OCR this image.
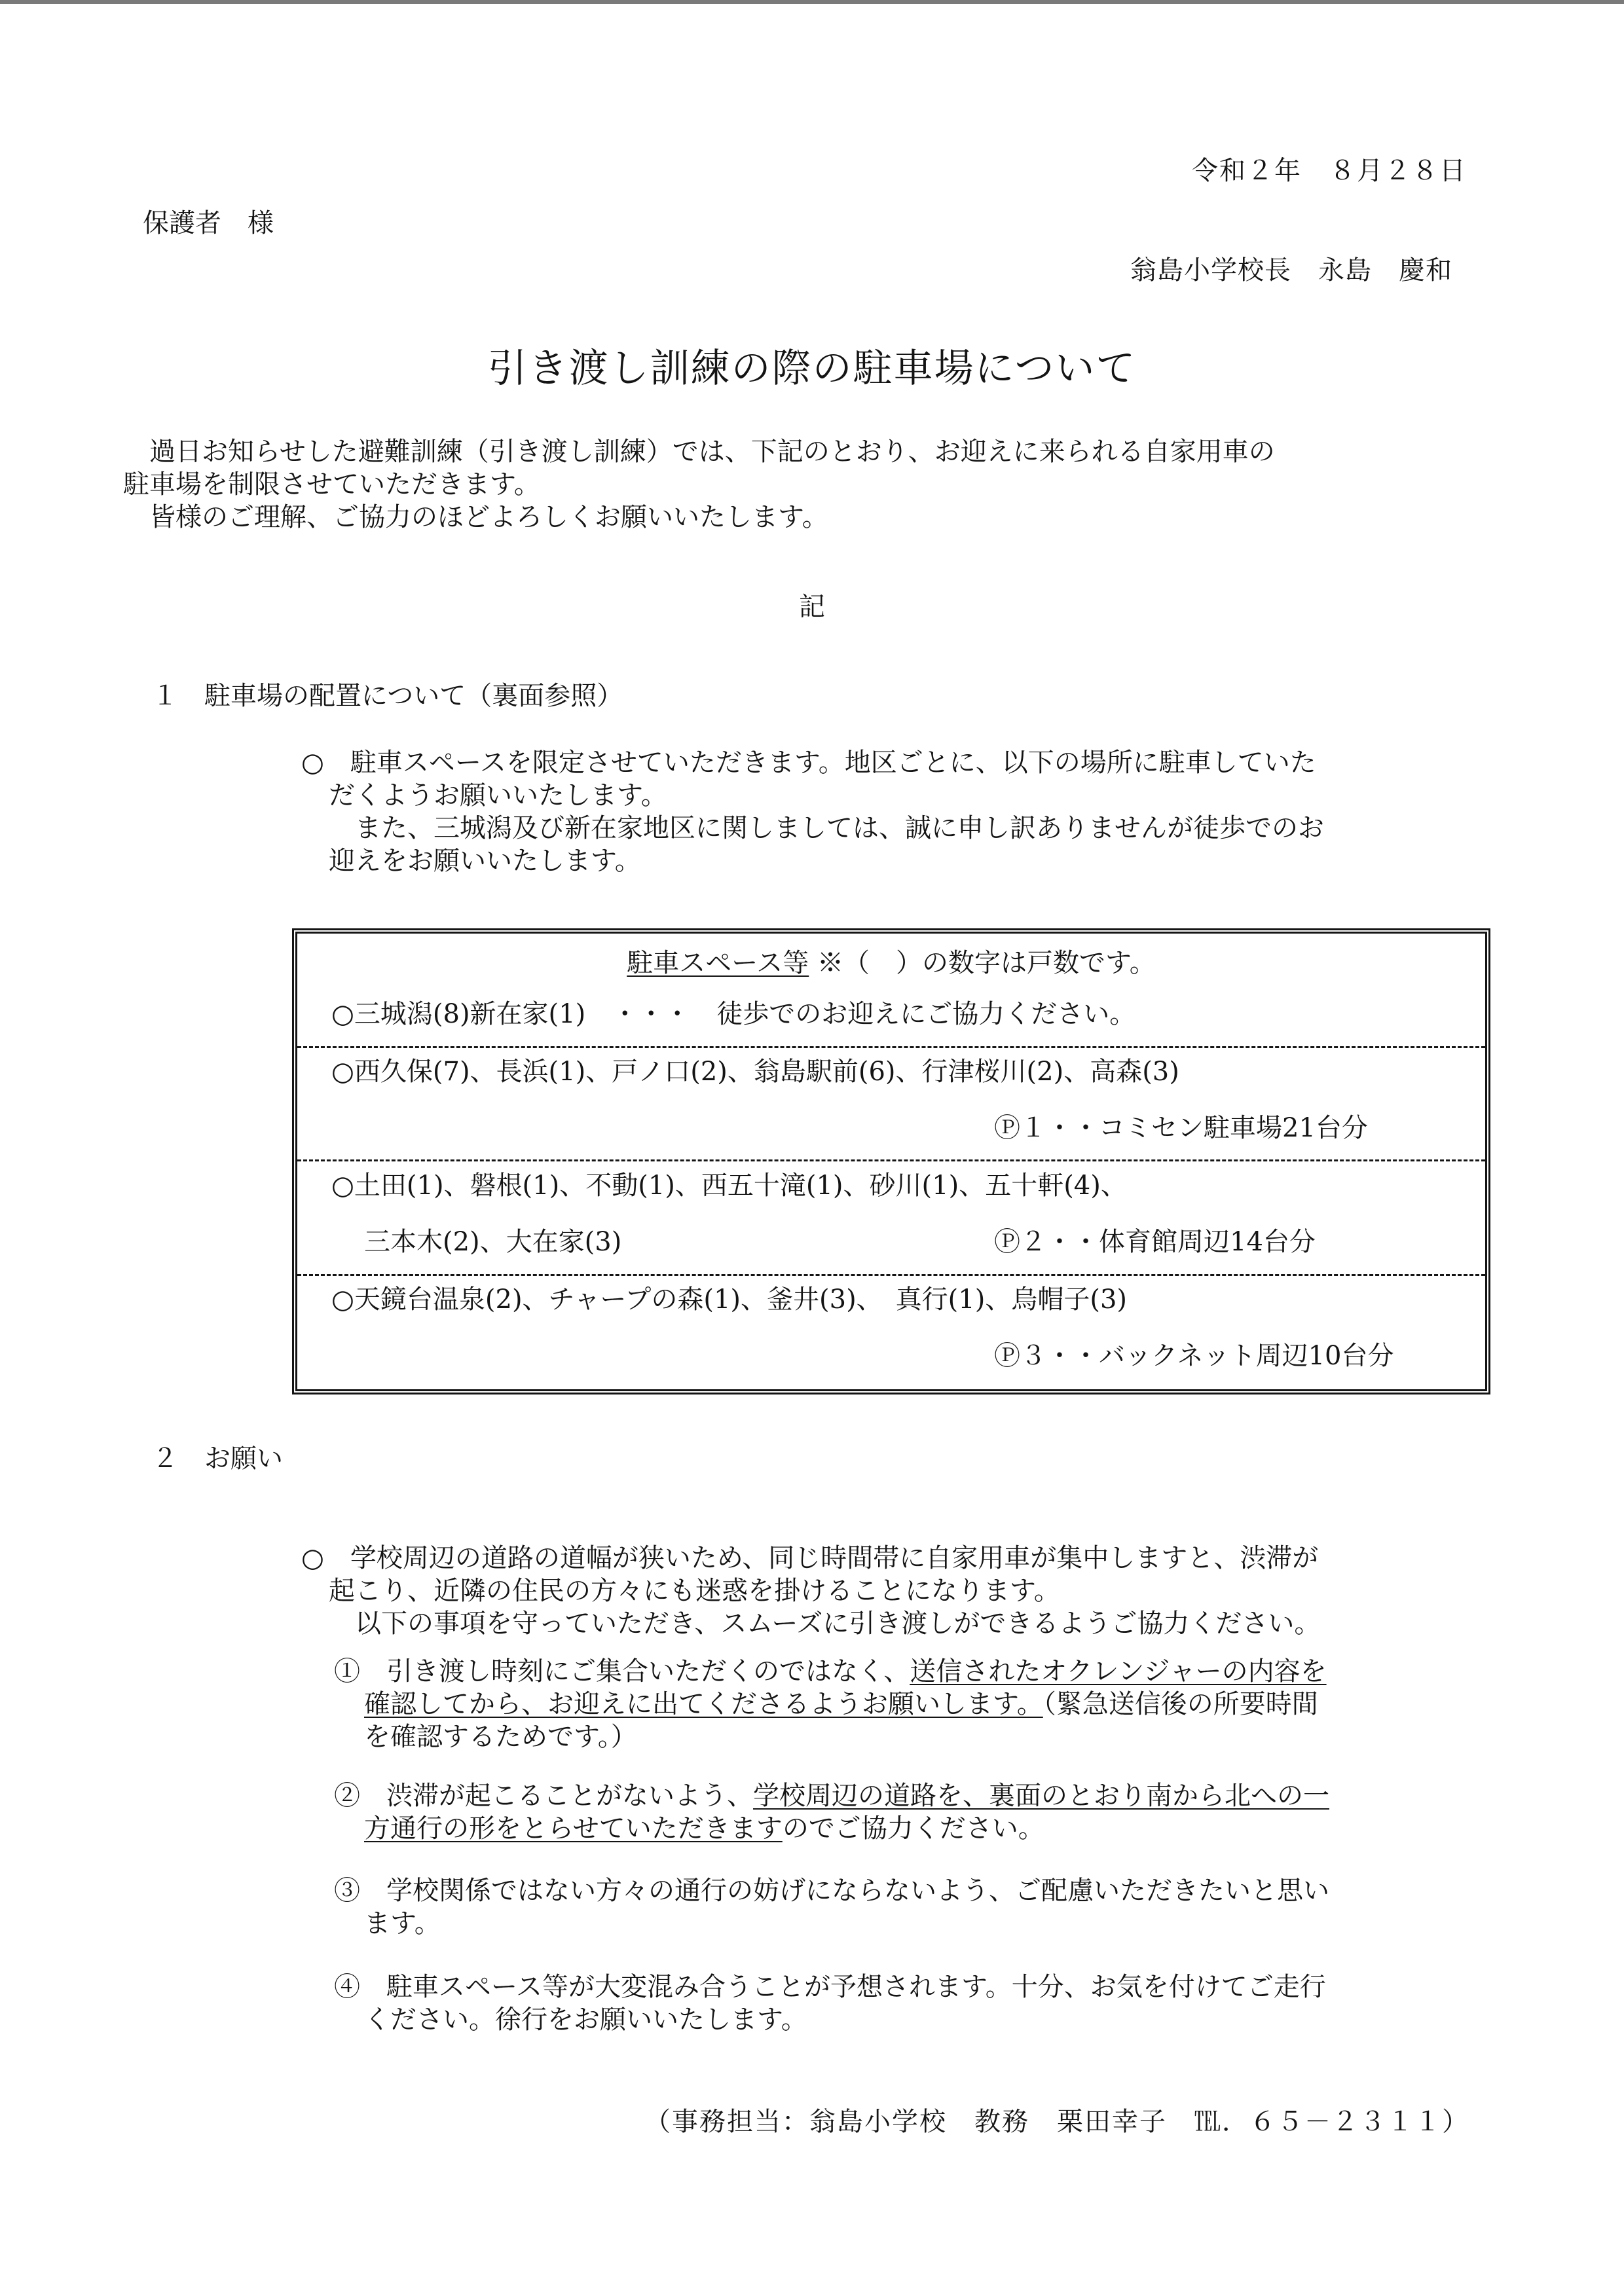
令和２年　８月２８日
保護者　様
翁島小学校長　永島　慶和
引き渡し訓練の際の駐車場について
過日お知らせした避難訓練（引き渡し訓練）では、下記のとおり、お迎えに来られる自家用車の
駐車場を制限させていただきます。
皆様のご理解、ご協力のほどよろしくお願いいたします。
記
１　駐車場の配置について（裏面参照）
○　駐車スペースを限定させていただきます。地区ごとに、以下の場所に駐車していた
だくようお願いいたします。
また、三城潟及び新在家地区に関しましては、誠に申し訳ありませんが徒歩でのお
迎えをお願いいたします。
駐車スペース等 ※（　）の数字は戸数です。
○三城潟(8)新在家(1)　・・・　徒歩でのお迎えにご協力ください。
○西久保(7)、長浜(1)、戸ノ口(2)、翁島駅前(6)、行津桜川(2)、高森(3)
Ⓟ１・・コミセン駐車場21台分
○土田(1)、磐根(1)、不動(1)、西五十滝(1)、砂川(1)、五十軒(4)、
三本木(2)、大在家(3)	Ⓟ２・・体育館周辺14台分
○天鏡台温泉(2)、チャープの森(1)、釜井(3)、　真行(1)、烏帽子(3)
Ⓟ３・・バックネット周辺10台分
２　お願い
○　学校周辺の道路の道幅が狭いため、同じ時間帯に自家用車が集中しますと、渋滞が
起こり、近隣の住民の方々にも迷惑を掛けることになります。
以下の事項を守っていただき、スムーズに引き渡しができるようご協力ください。
①　引き渡し時刻にご集合いただくのではなく、送信されたオクレンジャーの内容を
確認してから、お迎えに出てくださるようお願いします。（緊急送信後の所要時間
を確認するためです。）
②　渋滞が起こることがないよう、学校周辺の道路を、裏面のとおり南から北への一
方通行の形をとらせていただきますのでご協力ください。
③　学校関係ではない方々の通行の妨げにならないよう、ご配慮いただきたいと思い
ます。
④　駐車スペース等が大変混み合うことが予想されます。十分、お気を付けてご走行
ください。徐行をお願いいたします。
（事務担当：翁島小学校　教務　栗田幸子　℡．６５－２３１１）
